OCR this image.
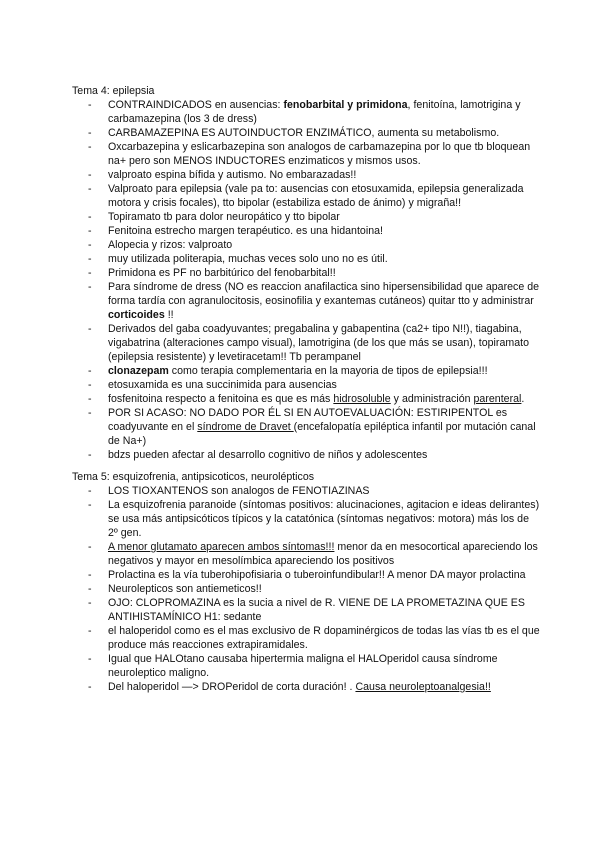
Tema 4: epilepsia
- CONTRAINDICADOS en ausencias: fenobarbital y primidona, fenitoína, lamotrigina y carbamazepina (los 3 de dress)
- CARBAMAZEPINA ES AUTOINDUCTOR ENZIMÁTICO, aumenta su metabolismo.
- Oxcarbazepina y eslicarbazepina son analogos de carbamazepina por lo que tb bloquean na+ pero son MENOS INDUCTORES enzimaticos y mismos usos.
- valproato espina bífida y autismo. No embarazadas!!
- Valproato para epilepsia (vale pa to: ausencias con etosuxamida, epilepsia generalizada motora y crisis focales), tto bipolar (estabiliza estado de ánimo) y migraña!!
- Topiramato tb para dolor neuropático y tto bipolar
- Fenitoina estrecho margen terapéutico. es una hidantoina!
- Alopecia y rizos: valproato
- muy utilizada politerapia, muchas veces solo uno no es útil.
- Primidona es PF no barbitúrico del fenobarbital!!
- Para síndrome de dress (NO es reaccion anafilactica sino hipersensibilidad que aparece de forma tardía con agranulocitosis, eosinofilia y exantemas cutáneos) quitar tto y administrar corticoides !!
- Derivados del gaba coadyuvantes; pregabalina y gabapentina (ca2+ tipo N!!), tiagabina, vigabatrina (alteraciones campo visual), lamotrigina (de los que más se usan), topiramato (epilepsia resistente) y levetiracetam!! Tb perampanel
- clonazepam como terapia complementaria en la mayoria de tipos de epilepsia!!!
- etosuxamida es una succinimida para ausencias
- fosfenitoina respecto a fenitoina es que es más hidrosoluble y administración parenteral.
- POR SI ACASO: NO DADO POR ÉL SI EN AUTOEVALUACIÓN: ESTIRIPENTOL es coadyuvante en el síndrome de Dravet (encefalopatía epiléptica infantil por mutación canal de Na+)
- bdzs pueden afectar al desarrollo cognitivo de niños y adolescentes
Tema 5: esquizofrenia, antipsicoticos, neurolépticos
- LOS TIOXANTENOS son analogos de FENOTIAZINAS
- La esquizofrenia paranoide (síntomas positivos: alucinaciones, agitacion e ideas delirantes) se usa más antipsicóticos típicos y la catatónica (síntomas negativos: motora) más los de 2º gen.
- A menor glutamato aparecen ambos síntomas!!! menor da en mesocortical apareciendo los negativos y mayor en mesolímbica apareciendo los positivos
- Prolactina es la vía tuberohipofisiaria o tuberoinfundibular!! A menor DA mayor prolactina
- Neurolepticos son antiemeticos!!
- OJO: CLOPROMAZINA es la sucia a nivel de R. VIENE DE LA PROMETAZINA QUE ES ANTIHISTAMÍNICO H1: sedante
- el haloperidol como es el mas exclusivo de R dopaminérgicos de todas las vías tb es el que produce más reacciones extrapiramidales.
- Igual que HALOtano causaba hipertermia maligna el HALOperidol causa síndrome neuroleptico maligno.
- Del haloperidol —> DROPeridol de corta duración! . Causa neuroleptoanalgesia!!
